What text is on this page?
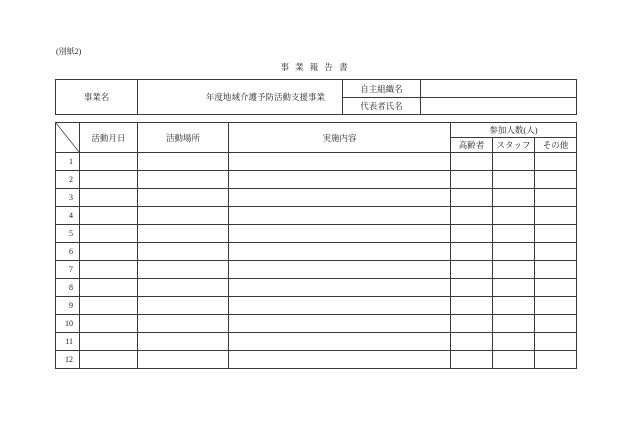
(別紙2)
事 業 報 告 書
事業名	年度地域介護予防活動支援事業	自主組織名	
		代表者氏名	
	活動月日	活動場所	実施内容	参加人数(人)		
				高齢者	スタッフ	その他
1						
2						
3						
4						
5						
6						
7						
8						
9						
10						
11						
12						
